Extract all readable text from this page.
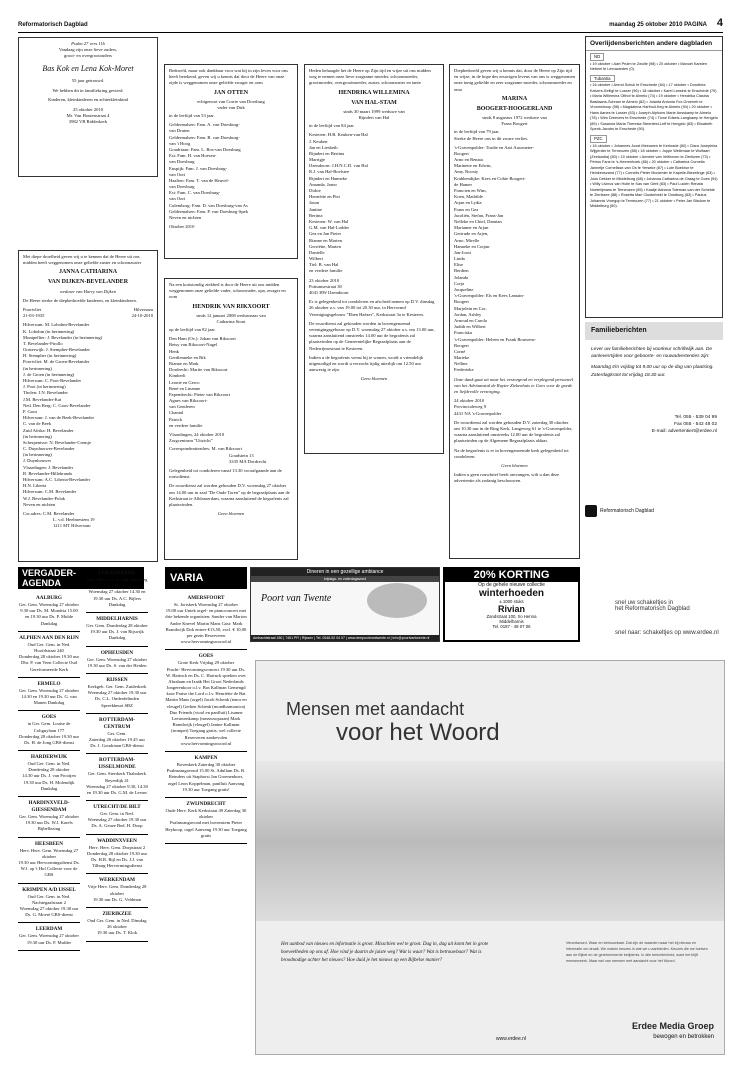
Reformatorisch Dagblad	maandag 25 oktober 2010 PAGINA 4
Psalm 27 vers 11b
Vandaag zijn onze lieve ouders,
groot- en overgrootouders
Bas Kok en Lena Kok-Moret
55 jaar getrouwd.
We hebben dit in familiekring gevierd.
Kinderen, kleinkinderen en achterkleinkind
25 oktober 2010
Mr. Van Houtenstraat 4
3982 VB Ridderkerk
Met diepe droefheid geven wij u te kennen dat de Heere uit ons midden heeft weggenomen onze geliefde zuster en schoonzuster
JANNA CATHARINA
VAN DIJKEN-BEVELANDER
weduwe van Harry van Dijken
De Heere sterke de diepbedroefde kinderen, en kleinkinderen.
Poortvliet
21-03-1935
Hilversum
24-10-2010
Hilversum: M. Lobohm-Bevelander
K. Lobohm (in herinnering)
Montpellier: J. Bevelander (in herinnering)
T. Bevelander-Pirollo
Oosterwijk: J. Stempher-Bevelander
H. Stempher (in herinnering)
Poortvliet: M. de Groen-Bevelander
(in herinnering)
J. de Groen (in herinnering)
Hilversum: C. Poot-Bevelander
J. Poot (in herinnering)
Tholen: J.N. Bevelander
J.M. Bevelander-Kat
Ned. Den Berg: C. Goos-Bevelander
F. Goos
Hilversum: J. van de Beek-Bevelander
C. van de Beek
Zuid Afrika: H. Bevelander
(in herinnering)
Scherpenisse: N. Bevelander-Cremje
C. Duynhouwer-Bevelander
(in herinnering)
J. Duynhouwer
Vlaardingen: J. Bevelander
B. Bevelander-Hillebrands
Hilversum: A.C. Liberia-Bevelander
H.N. Liberia
Hilversum: C.M. Bevelander
W.J. Bevelander-Polak
Neven en nichten
Cor.adres: C.M. Bevelander
L. v.d. Heelmestem 19
1211 MT Hilversum
Bedroefd, maar ook dankbaar voor wat hij in zijn leven voor ons heeft betekend, geven wij u kennis dat door de Heere van onze zijde is weggenomen onze geliefde zwager en oom
JAN OTTEN
echtgenoot van Corrie van Doesburg
vader van Dirk
in de leeftijd van 53 jaar.
Geldermalsen: Fam. A. van Doesburg-
van Druten
Geldermalsen: Fam. B. van Doesburg-
van 't Hoog
Goudriaan: Fam. L. Bos-van Doesburg
Est: Fam. H. van Hoesen-
van Doesburg
Enspijk: Fam. J. van Doesburg-
van Oort
Haaften: Fam. T. van de Heuvel-
van Doesburg
Est: Fam. C. van Doesburg-
van Oort
Culemborg: Fam. D. van Doesburg-van As
Geldermalsen: Fam. P. van Doesburg-Spek
Neven en nichten
Oktober 2010
Na een kortstondig ziekbed is door de Heere uit ons midden weggenomen onze geliefde vader, schoonvader, opa, zwager en oom
HENDRIK VAN RIKXOORT
sinds 12 januari 2008 weduwnaar van
Catharina Stout
op de leeftijd van 82 jaar.
Den Ham (Ov.): Johan van Rikxoort
Betsy van Rikxoort-Nagel
Henk
Gerdienneke en Rik
Rianne en Mark
Dordrecht: Martie van Rikxoort
Kimberli
Leonie en Gerco
René en Linanne
Papendrecht: Pieter van Rikxoort
Agnes van Rikxoort-
van Genderen
Chantal
Patrick
en verdere familie
Vlaardingen, 24 oktober 2010
Zorgcentrum "Uitzicht"
Correspondentieadres: M. van Rikxoort
Goudstein 13
3335 MA Dordrecht
Gelegenheid tot condoleren vanaf 13.30 voorafgaande aan de rouwdienst.
De rouwdienst zal worden gehouden D.V. woensdag 27 oktober om 14.00 uur in zaal "De Oude Toren" op de begraafplaats aan de Kerkstraat te Alblasserdam, waarna aansluitend de begrafenis zal plaatsvinden.
Geen bloemen
Heden behaagde het de Heere op Zijn tijd en wijze uit ons midden weg te nemen onze lieve zorgzame moeder, schoonmoeder, grootmoeder, overgrootmoeder, zuster, schoonzuster en tante
HENDRIKA WILLEMINA
VAN HAL-STAM
sinds 30 maart 1999 weduwe van
Rijndert van Hal
in de leeftijd van 84 jaar.
Kesteren: H.B. Keuken-van Hal
J. Keuken
Jan en Liesbeth
Rijndert en Bertina
Marrigje
IJzendoorn: J.H.N.C.D. van Hal
R.J. van Hal-Boelstee
Rijndert en Hanneke
Amanda, Jarno
Dirkie
Henriëtte en Piet
Jason
Jantine
Bertina
Kesteren: W. van Hal
G.M. van Hal-Lodder
Gea en Jan Pieter
Rianne en Marten
Gerriëtte, Marten
Danielle
Wilbert
Tiel: B. van Hal
en verdere familie
23 oktober 2010
Pottumsestraat 30
4041 HW IJzendoorn
Er is gelegenheid tot condoleren en afscheid nemen op D.V. dinsdag 26 oktober a.s. van 19.00 tot 20.30 uur, in Hervormd Verenigingsgebouw "Eben Haëzer", Kerkstraat 3a te Kesteren.
De rouwdienst zal gehouden worden in bovengenoemd verenigingsgebouw op D.V. woensdag 27 oktober a.s. om 13.00 uur, waarna aansluitend omstreeks 14.00 uur de begrafenis zal plaatsvinden op de Gemeentelijke Begraafplaats aan de Nederrijnsestraat te Kesteren.
Indien u de begrafenis wenst bij te wonen, wordt u vriendelijk uitgenodigd en wordt u verzocht tijdig uiterlijk om 12.50 uur aanwezig te zijn.
Geen bloemen
Diepbedroefd geven wij u kennis dat, door de Heere op Zijn tijd en wijze, in de hope des eeuwigen levens van ons is weggenomen onze innig geliefde en zeer zorgzame moeder, schoonmoeder en oma
MARINA
BOOGERT-HOOGERLAND
sinds 8 augustus 1972 weduwe van
Frans Boogert
in de leeftijd van 79 jaar.
Sterke de Heere ons in dit zware verlies.
's-Gravenpolder: Trudie en Aart Auwmeter-
Boogert
Arno en Renata
Marinette en Edwin,
Amy, Roosty
Krabbendijke: Kees en Cobie Boogert-
de Hamer
Francien en Wim,
Koen, Mathilde
Arjan en Lydia
Frans en Gea
Jacoliën, Stefan, Frans-Jan
Nelleke en Chiel, Damian
Marianne en Arjan
Gertrude en Arjen,
Arno, Mirelle
Hanneke en Corjan
Jan-Joost
Linda
Elise
Berdien
Jolanda
Corja
Jacqueline
's-Gravenpolder: Els en Kees Lamain-
Boogert
Marjolein en Cor,
Jordan, Ashley
Arnoud en Carola
Judith en Wilbert
Franciska
's-Gravenpolder: Heleen en Frank Bouwens-
Boogert
Corné
Marieke
Nelline
Frederieke
Onze dank gaat uit naar het verzorgend en verplegend personeel van het Adriaanstal de Ruyter Ziekenhuis te Goes voor de goede en liefdevolle verzorging.
24 oktober 2010
Provincialeweg 9
4431 NA 's-Gravenpolder
De rouwdienst zal worden gehouden D.V. zaterdag 30 oktober om 10.30 uur in de Ring Kerk, Langeweg 61 te 's-Gravenpolder, waarna aansluitend omstreeks 12.00 uur de begrafenis zal plaatsvinden op de Algemene Begraafplaats aldaar.
Na de begrafenis is er in bovengenoemde kerk gelegenheid tot condoleren.
Geen bloemen
Indien u geen rouwbrief heeft ontvangen, wilt u dan deze advertentie als zodanig beschouwen.
Overlijdensberichten andere dagbladen
ND
• 19 oktober • Aart Pruim te Zwolle (98) • 20 oktober • Manuel Karsten Nebeel te Leeuwarden (0).
Tubantia
• 16 oktober • Arend Schuil te Enschede (64) • 17 oktober • Dorothea Kalvers-Selligt te Losser (96) • 18 oktober • Karel Lansink te Enschede (75) • Maria Willemina Olthof te Almelo (74) • 19 oktober • Hendrika Clasina Bastiaans-Schram te Almelo (82) • Jolanta Antonia Fox-Groeneb te Vroomshoop (58) • Magdalena Harthuil-Keg te Almelo (94) • 20 oktober • Hans Aanes te Losser (63) • Joseph Alphons Marie Ansskamp te Almelo (78) • Wim Dreevers te Enschede (74) • Tione Edsels-Langkamp te Hengelo (89) • Susanna Maria Theresia Steenfeld-Leff te Hengelo (83) • Elisabeth Spenk-Jacobs te Enschede (90).
PZC
• 16 oktober • Johannes Joost Meeuwen te Kerkrade (80) • Clara Josephina Wijgerder te Terneuzen (88) • 18 oktober • Joppe Wellenaar te Wolfaart (Zeelandia) (80) • 19 oktober • Anneke van Velthoven te Zierikzee (73) • Petrus Fans te 's-Heerenhoek (86) • 20 oktober • Catharina Cornelia Jannetje Cornelisse-van Os te Yerseke (87) • Lute Boekhor te Heinkenszand (77) • Cornelis Pieter Moolenier te Kapelle-Biezelinge (63) • Joos Dekker te Middelburg (68) • Johanna Catharina de Graag te Goes (94) • Willy Livinus van Hulle te Sas van Gent (83) • Paul Lucien Renata Noetelijmans te Terneuzen (65) • Kaatje Adriana Toleman-van der Schelde te Zierikzee (88) • Rosetta Mari Clusterbeld te Oostburg (83) • Paulus Johannis Vroegop te Terneuzen (77) • 21 oktober • Peter Jan Bisdom te Middelburg (60).
Familieberichten
Lever uw familieberichten bij voorkeur schriftelijk aan. De aanleverrtijden voor geboorte- en rouwadvertenties zijn:
Maandag t/m vrijdag tot 9.00 uur op de dag van plaatsing. Zaterdagkrant tot vrijdag 18.30 uur.
Tel. 055 - 539 04 99
Fax 055 - 542 48 02
E-mail: advertentiert@erdee.nl
Reformatorisch Dagblad
VERGADER-
AGENDA
AALBURG
Ger. Gem. Woensdag 27 oktober
9.30 uur Ds. M. Mondria 15.00 en 19.30 uur Ds. P. Mulde Dankdag
ALPHEN AAN DEN RIJN
Oud Ger. Gem. in Ned. Hoofdstraat 240
Donderdag 28 oktober 19.30 uur Dhr. P. van Veen Collecte Oud Gereformeerde Kerk
ERMELO
Ger. Gem. Woensdag 27 oktober
14.30 en 19.30 uur Ds. G. van Manen Dankdag
GOES
in Ger. Gem. Louise de Colignylaan 177
Donderdag 28 oktober 19.30 uur Ds. H. de Jong GBS-dienst
HARDERWIJK
Oud Ger. Gem. in Ned. Donderdag 28 oktober
14.30 uur Ds. J. van Prooijen 19.30 uur Ds. H. Molendijk Dankdag
HARDINXVELD-GIESSENDAM
Ger. Gem. Woensdag 27 oktober
19.30 uur Ds. W.J. Karels Bijbellezing
HEESBEEN
Herv. Herv. Gem. Woensdag 27 oktober
19.30 uur Hervormingsdienst Ds. W.J. op 't Hof Collecte voor de GBS
KRIMPEN A/D IJSSEL
Oud Ger. Gem. in Ned. Nachtegaalstraat 2
Woensdag 27 oktober 19.30 uur Ds. G. Moeré GBS-dienst
LEERDAM
Ger. Gem. Woensdag 27 oktober
19.30 uur Ds. F. Mulder
LEKKERKERK
Ned. Herv. Ger. Evang. Kerkweg 66
Woensdag 27 oktober 14.30 en 19.30 uur Ds. A.C. Bijlers Dankdag
MIDDELHARNIS
Ger. Gem. Donderdag 28 oktober
19.30 uur Ds. J. van Rijswijk Dankdag
OPHEUSDEN
Ger. Gem. Woensdag 27 oktober
19.30 uur Ds. S. van der Heiden
RIJSSEN
Kerkgeb. Ger. Gem. Zuiderkerk
Woensdag 27 oktober 19.30 uur Ds. C.L. Onderdelinden Spreekbeurt SBZ
ROTTERDAM-CENTRUM
Ger. Gem.
Zaterdag 26 oktober 19.45 uur Ds. J. Goudriaan GBS-dienst
ROTTERDAM-IJSSELMONDE
Ger. Gem. Sterrkerk Thabokerk Reyerdijk 41
Woensdag 27 oktober 9.30, 14.30 en 19.30 uur Ds. G.M. de Leeuw
UTRECHT/DE BILT
Ger. Gem. in Ned.
Woensdag 27 oktober 19.30 uur Ds. A. Geuze Bed. H. Doop
WADDINXVEEN
Herv. Herv. Gem. Dorpstraat 2
Donderdag 28 oktober 19.30 uur Ds. H.R. Bijl en Ds. J.J. van Tilburg Hervormingsdienst
WERKENDAM
Vrije Herv. Gem. Donderdag 28 oktober
19.30 uur Ds. G. Veldman
ZIERIKZEE
Oud Ger. Gem. in Ned. Dinsdag 26 oktober
19.30 uur Ds. T. Klok
VARIA
AMERSFOORT
St. Joriskerk Woensdag 27 oktober
19.00 uur Uniek orgel- en pianoconcert met drie bekende organisten: Sander van Marion Andre Knevel Martin Mans Gast: Mark Brandwijk Dok entree €13,50, excl. € 10,00 per gezin Reserveren www.hervormingswoord.nl
GOES
Grote Kerk Vrijdag 29 oktober
Pracht- Hervormingsconcert 19.30 uur Ds. W. Harinck en Ds. C. Harinck spreken over Abraham en Izaäk Het Groot Nederlands Jongerenkoor o.l.v. Bas Kallman Gemengd koor Praise the Lord o.l.v. Henriëtte de Bat Martin Mans (orgel) Jacob Schenk (tenor en vleugel) Gerben Schenk (mondharmonica) Duo Friends (viool en panfluit) Lisanne Leeuwenkamp (mezzosopraan) Mark Brandwijk (vleugel) Janine Kallman (trompet) Toegang gratis, wel collecte Reserveren aanbevolen www.hervormingswoord.nl
KAMPEN
Bovenkerk Zaterdag 30 oktober
Psalmzangavond 15.00 St. Adullam Ds. B. Reinders uit Staphorst Jan Groenenboer, orgel Leon Koppelman, panfluit Aanvang 19.30 uur Toegang gratis!
ZWIJNDRECHT
Oude Herv. Kerk Kerkstraat 49 Zaterdag 30 oktober
Psalmzangavond met bovenstem Pieter Heykoop, orgel Aanvang 19.30 uur Toegang gratis
Dineren in een gezellige ambiance
brijdags- en zaterdagavond
Poort van Twente
Ambachtstraat 180 | 7461 PR | Rijssen | Tel. 0548-52 04 07 | www.deepoortvantwente.nl | info@poortvantwente.nl
20% KORTING
Op de gehele nieuwe collectie
winterhoeden
± 1000 stuks
Rivian
Zandstraat 100, t/o Henna
Middelharnis
Tel. 0187 - 48 07 06
snel uw schakeltjes in
het Reformatorisch Dagblad
snel naar: schakeltjes op www.erdee.nl
Mensen met aandacht
voor het Woord
Het aanbod van nieuws en informatie is groot. Misschien wel te groot. Dag in, dag uit komt het in grote hoeveelheden op ons af. Hoe vind je daarin de juiste weg? Wat is waar? Wat is betrouwbaar? Wat is broodnodige achter het nieuws? Hoe duid je het nieuws op een Bijbelse manier?
Verantwoord. Waar en betrouwbaar. Dat zijn de waarden waar het bij nieuws en informatie om draait. We maken keuzes in wat we u aanbieden. Keuzes die we toetsen aan de Bijbel en de gereformeerde belijdenis. In alle berichtenheid, want het blijft mensenwerk. Maar wel van mensen met aandacht voor het Woord.
www.erdee.nl
Erdee Media Groep
bewogen en betrokken
